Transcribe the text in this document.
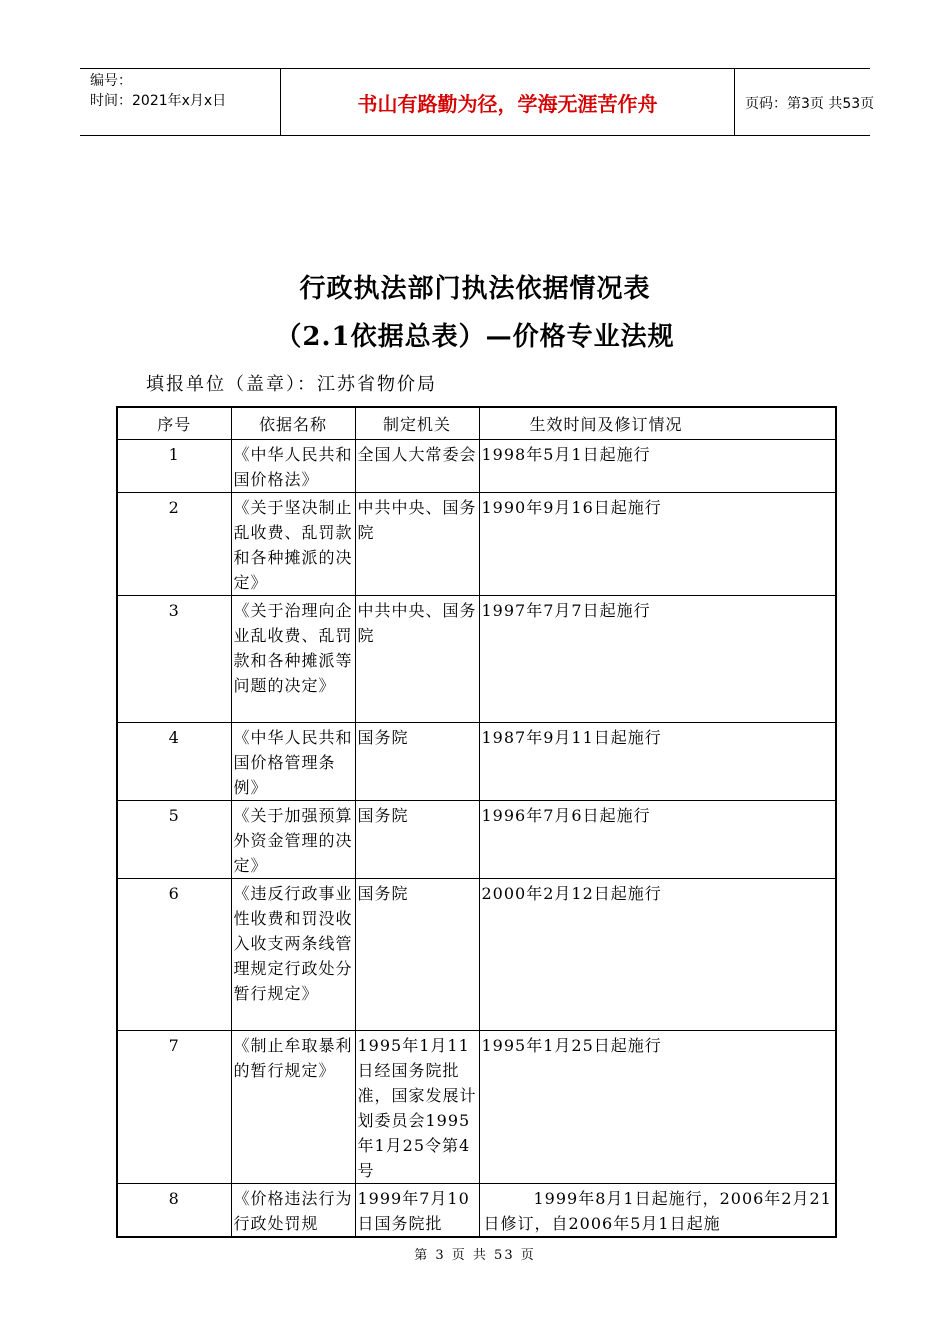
编号：
时间：2021年x月x日	书山有路勤为径，学海无涯苦作舟	页码：第3页 共53页
行政执法部门执法依据情况表
（2.1依据总表）—价格专业法规
填报单位（盖章）：江苏省物价局
序号	依据名称	制定机关	生效时间及修订情况
1	《中华人民共和国价格法》	全国人大常委会	1998年5月1日起施行
2	《关于坚决制止乱收费、乱罚款和各种摊派的决定》	中共中央、国务院	1990年9月16日起施行
3	《关于治理向企业乱收费、乱罚款和各种摊派等问题的决定》	中共中央、国务院	1997年7月7日起施行
4	《中华人民共和国价格管理条例》	国务院	1987年9月11日起施行
5	《关于加强预算外资金管理的决定》	国务院	1996年7月6日起施行
6	《违反行政事业性收费和罚没收入收支两条线管理规定行政处分暂行规定》	国务院	2000年2月12日起施行
7	《制止牟取暴利的暂行规定》	1995年1月11日经国务院批准，国家发展计划委员会1995年1月25令第4号	1995年1月25日起施行
8	《价格违法行为行政处罚规	1999年7月10日国务院批	1999年8月1日起施行，2006年2月21日修订，自2006年5月1日起施
第 3 页 共 53 页
